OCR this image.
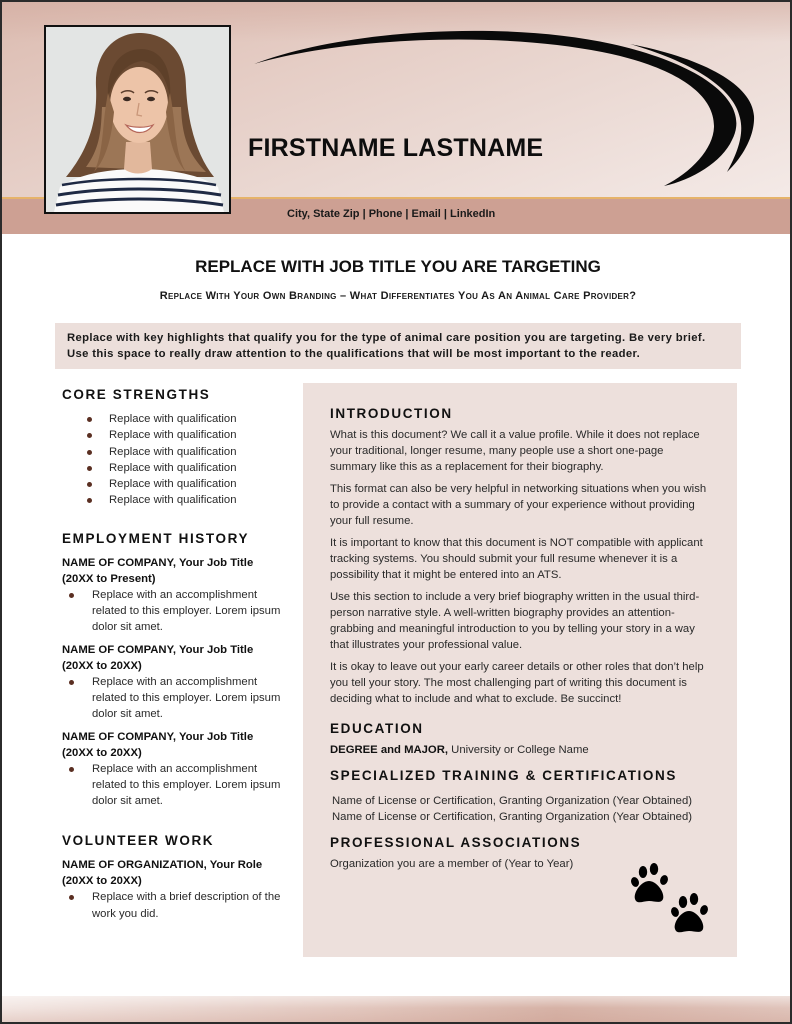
FIRSTNAME LASTNAME
City, State Zip | Phone | Email | LinkedIn
REPLACE WITH JOB TITLE YOU ARE TARGETING
Replace With Your Own Branding – What Differentiates You As An Animal Care Provider?
Replace with key highlights that qualify you for the type of animal care position you are targeting. Be very brief. Use this space to really draw attention to the qualifications that will be most important to the reader.
CORE STRENGTHS
Replace with qualification
Replace with qualification
Replace with qualification
Replace with qualification
Replace with qualification
Replace with qualification
EMPLOYMENT HISTORY
NAME OF COMPANY, Your Job Title
(20XX to Present)
Replace with an accomplishment related to this employer. Lorem ipsum dolor sit amet.
NAME OF COMPANY, Your Job Title
(20XX to 20XX)
Replace with an accomplishment related to this employer. Lorem ipsum dolor sit amet.
NAME OF COMPANY, Your Job Title
(20XX to 20XX)
Replace with an accomplishment related to this employer. Lorem ipsum dolor sit amet.
VOLUNTEER WORK
NAME OF ORGANIZATION, Your Role
(20XX to 20XX)
Replace with a brief description of the work you did.
INTRODUCTION

What is this document? We call it a value profile. While it does not replace your traditional, longer resume, many people use a short one-page summary like this as a replacement for their biography.

This format can also be very helpful in networking situations when you wish to provide a contact with a summary of your experience without providing your full resume.

It is important to know that this document is NOT compatible with applicant tracking systems. You should submit your full resume whenever it is a possibility that it might be entered into an ATS.

Use this section to include a very brief biography written in the usual third-person narrative style. A well-written biography provides an attention-grabbing and meaningful introduction to you by telling your story in a way that illustrates your professional value.

It is okay to leave out your early career details or other roles that don’t help you tell your story. The most challenging part of writing this document is deciding what to include and what to exclude. Be succinct!

EDUCATION
DEGREE and MAJOR, University or College Name
SPECIALIZED TRAINING & CERTIFICATIONS
Name of License or Certification, Granting Organization (Year Obtained)
Name of License or Certification, Granting Organization (Year Obtained)
PROFESSIONAL ASSOCIATIONS
Organization you are a member of (Year to Year)
